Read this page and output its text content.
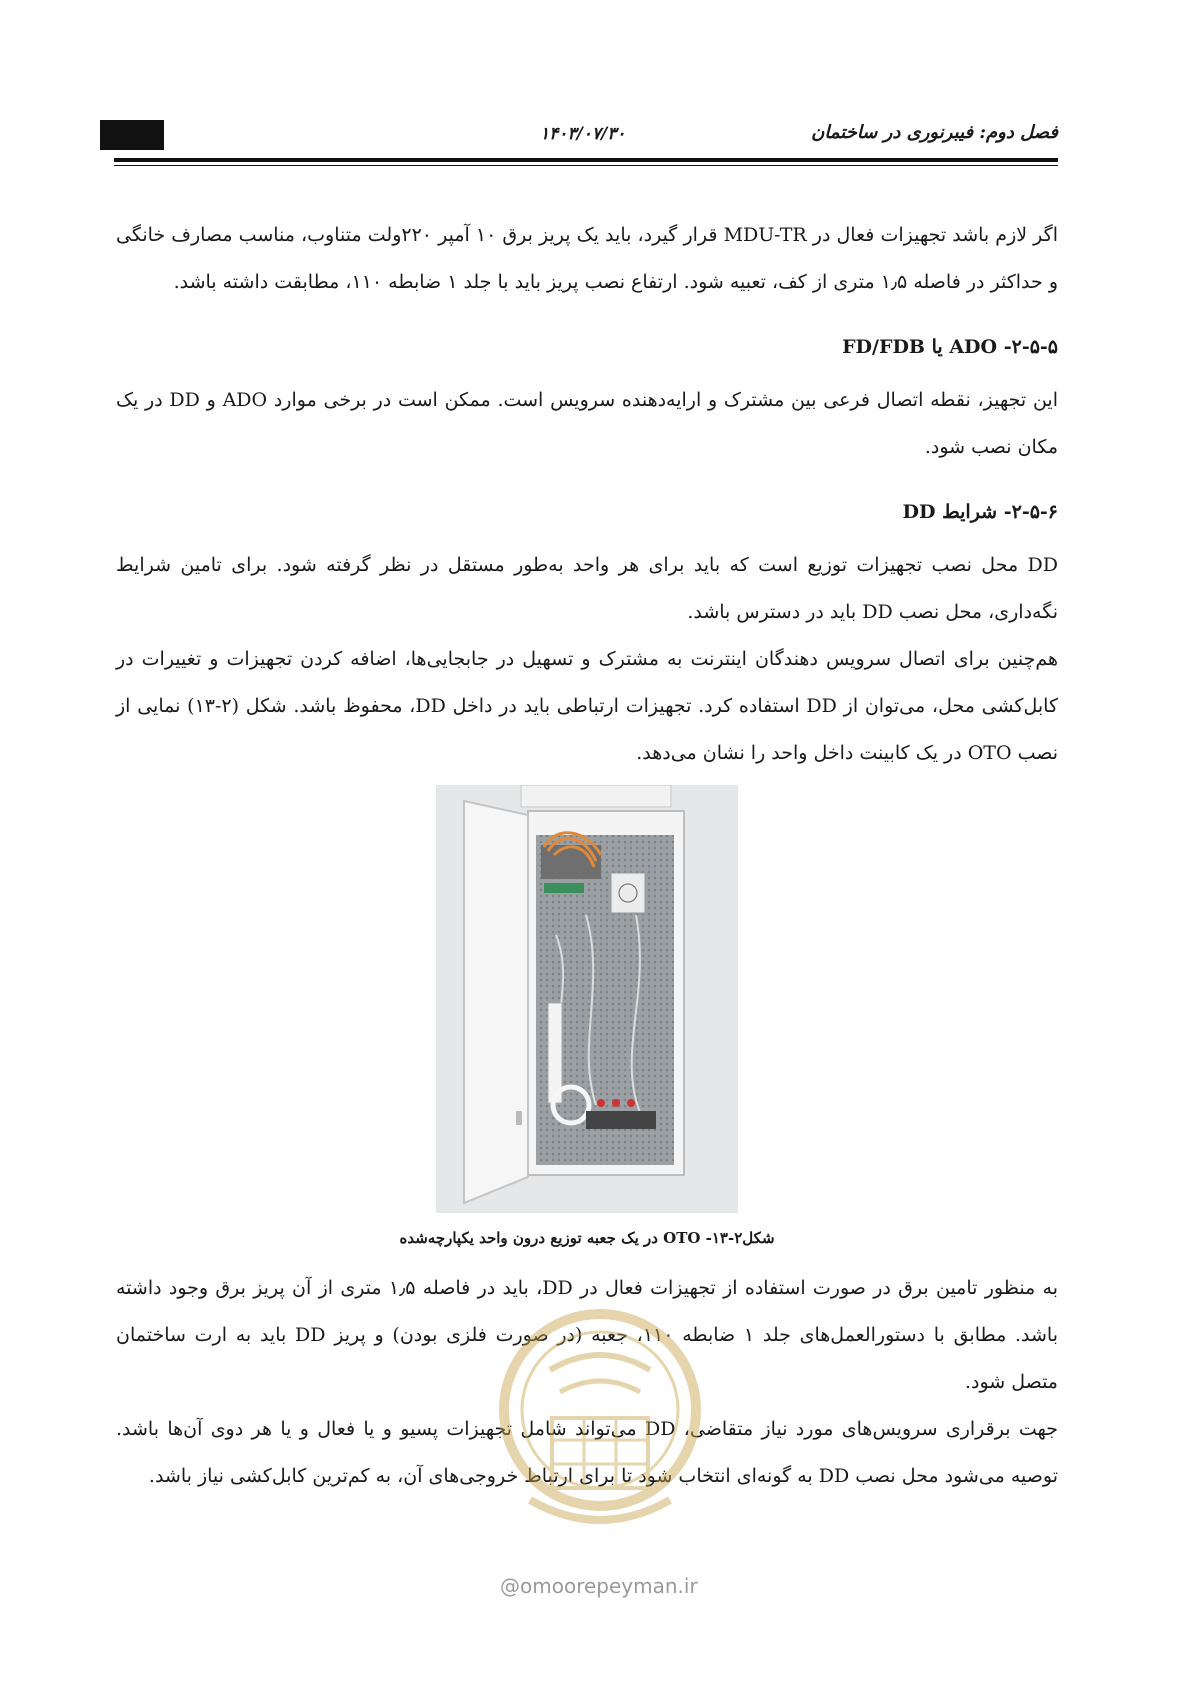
۱۴۰۳/۰۷/۳۰	فصل دوم: فیبرنوری در ساختمان

اگر لازم باشد تجهیزات فعال در MDU-TR قرار گیرد، باید یک پریز برق ۱۰ آمپر ۲۲۰ولت متناوب، مناسب مصارف خانگی و حداکثر در فاصله ۱٫۵ متری از کف، تعبیه شود. ارتفاع نصب پریز باید با جلد ۱ ضابطه ۱۱۰، مطابقت داشته باشد.

۲-۵-۵- ADO یا FD/FDB

این تجهیز، نقطه اتصال فرعی بین مشترک و ارایه‌دهنده سرویس است. ممکن است در برخی موارد ADO و DD در یک مکان نصب شود.

۲-۵-۶- شرایط DD

DD محل نصب تجهیزات توزیع است که باید برای هر واحد به‌طور مستقل در نظر گرفته شود. برای تامین شرایط نگه‌داری، محل نصب DD باید در دسترس باشد.

هم‌چنین برای اتصال سرویس دهندگان اینترنت به مشترک و تسهیل در جابجایی‌ها، اضافه کردن تجهیزات و تغییرات در کابل‌کشی محل، می‌توان از DD استفاده کرد. تجهیزات ارتباطی باید در داخل DD، محفوظ باشد. شکل (۲-۱۳) نمایی از نصب OTO در یک کابینت داخل واحد را نشان می‌دهد.

شکل۲-۱۳- OTO در یک جعبه توزیع درون واحد یکپارچه‌شده

به منظور تامین برق در صورت استفاده از تجهیزات فعال در DD، باید در فاصله ۱٫۵ متری از آن پریز برق وجود داشته باشد. مطابق با دستورالعمل‌های جلد ۱ ضابطه ۱۱۰، جعبه (در صورت فلزی بودن) و پریز DD باید به ارت ساختمان متصل شود.

جهت برقراری سرویس‌های مورد نیاز متقاضی، DD می‌تواند شامل تجهیزات پسیو و یا فعال و یا هر دوی آن‌ها باشد. توصیه می‌شود محل نصب DD به گونه‌ای انتخاب شود تا برای ارتباط خروجی‌های آن، به کم‌ترین کابل‌کشی نیاز باشد.

@omoorepeyman.ir
